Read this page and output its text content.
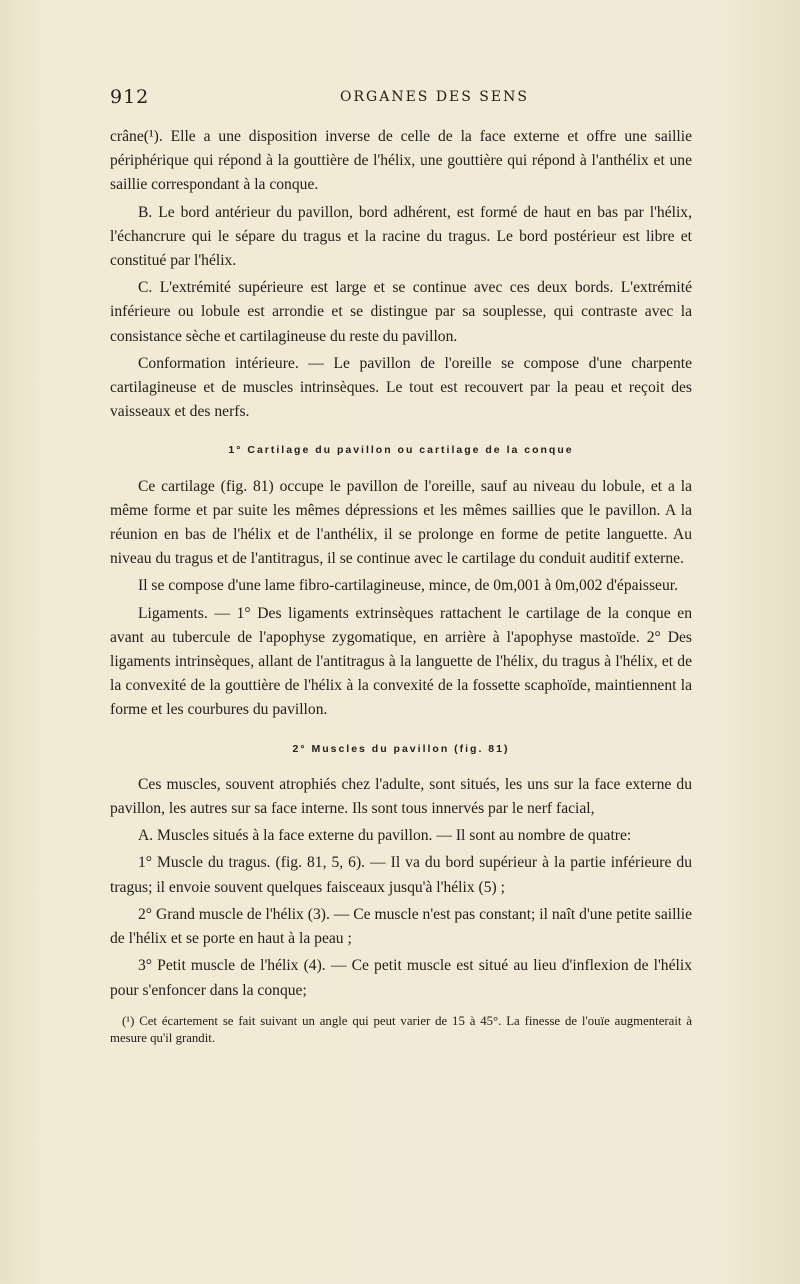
912	ORGANES DES SENS

crâne(¹). Elle a une disposition inverse de celle de la face externe et offre une saillie périphérique qui répond à la gouttière de l'hélix, une gouttière qui répond à l'anthélix et une saillie correspondant à la conque.

B. Le bord antérieur du pavillon, bord adhérent, est formé de haut en bas par l'hélix, l'échancrure qui le sépare du tragus et la racine du tragus. Le bord postérieur est libre et constitué par l'hélix.

C. L'extrémité supérieure est large et se continue avec ces deux bords. L'extrémité inférieure ou lobule est arrondie et se distingue par sa souplesse, qui contraste avec la consistance sèche et cartilagineuse du reste du pavillon.

Conformation intérieure. — Le pavillon de l'oreille se compose d'une charpente cartilagineuse et de muscles intrinsèques. Le tout est recouvert par la peau et reçoit des vaisseaux et des nerfs.

1° Cartilage du pavillon ou cartilage de la conque

Ce cartilage (fig. 81) occupe le pavillon de l'oreille, sauf au niveau du lobule, et a la même forme et par suite les mêmes dépressions et les mêmes saillies que le pavillon. A la réunion en bas de l'hélix et de l'anthélix, il se prolonge en forme de petite languette. Au niveau du tragus et de l'antitragus, il se continue avec le cartilage du conduit auditif externe.

Il se compose d'une lame fibro-cartilagineuse, mince, de 0m,001 à 0m,002 d'épaisseur.

Ligaments. — 1° Des ligaments extrinsèques rattachent le cartilage de la conque en avant au tubercule de l'apophyse zygomatique, en arrière à l'apophyse mastoïde. 2° Des ligaments intrinsèques, allant de l'antitragus à la languette de l'hélix, du tragus à l'hélix, et de la convexité de la gouttière de l'hélix à la convexité de la fossette scaphoïde, maintiennent la forme et les courbures du pavillon.

2° Muscles du pavillon (fig. 81)

Ces muscles, souvent atrophiés chez l'adulte, sont situés, les uns sur la face externe du pavillon, les autres sur sa face interne. Ils sont tous innervés par le nerf facial,

A. Muscles situés à la face externe du pavillon. — Il sont au nombre de quatre:

1° Muscle du tragus. (fig. 81, 5, 6). — Il va du bord supérieur à la partie inférieure du tragus; il envoie souvent quelques faisceaux jusqu'à l'hélix (5) ;

2° Grand muscle de l'hélix (3). — Ce muscle n'est pas constant; il naît d'une petite saillie de l'hélix et se porte en haut à la peau ;

3° Petit muscle de l'hélix (4). — Ce petit muscle est situé au lieu d'inflexion de l'hélix pour s'enfoncer dans la conque;

(¹) Cet écartement se fait suivant un angle qui peut varier de 15 à 45°. La finesse de l'ouïe augmenterait à mesure qu'il grandit.
